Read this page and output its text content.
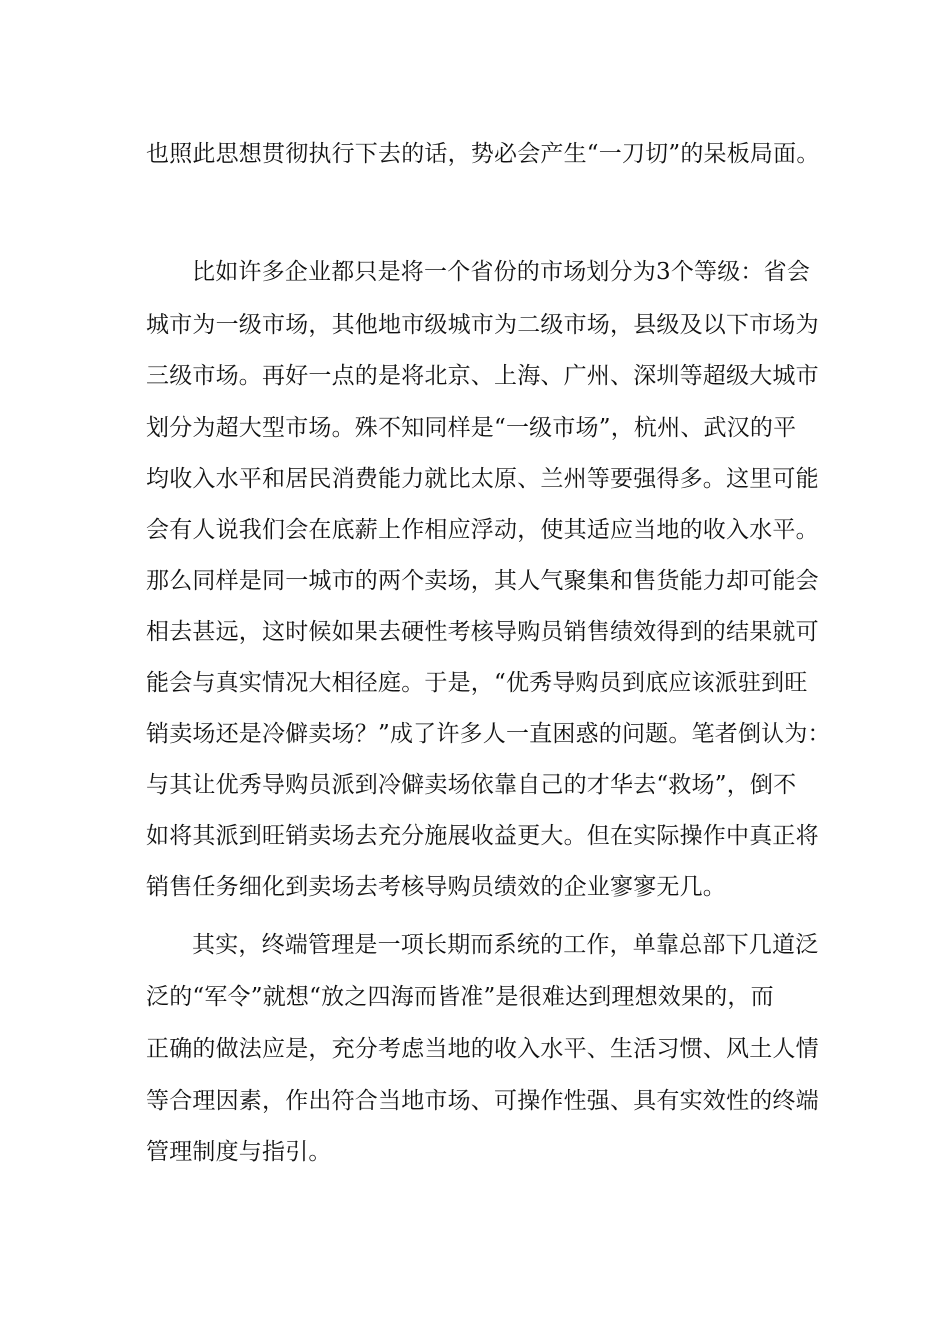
也照此思想贯彻执行下去的话，势必会产生“一刀切”的呆板局面。
比如许多企业都只是将一个省份的市场划分为3个等级：省会
城市为一级市场，其他地市级城市为二级市场，县级及以下市场为
三级市场。再好一点的是将北京、上海、广州、深圳等超级大城市
划分为超大型市场。殊不知同样是“一级市场”，杭州、武汉的平
均收入水平和居民消费能力就比太原、兰州等要强得多。这里可能
会有人说我们会在底薪上作相应浮动，使其适应当地的收入水平。
那么同样是同一城市的两个卖场，其人气聚集和售货能力却可能会
相去甚远，这时候如果去硬性考核导购员销售绩效得到的结果就可
能会与真实情况大相径庭。于是，“优秀导购员到底应该派驻到旺
销卖场还是冷僻卖场？”成了许多人一直困惑的问题。笔者倒认为：
与其让优秀导购员派到冷僻卖场依靠自己的才华去“救场”，倒不
如将其派到旺销卖场去充分施展收益更大。但在实际操作中真正将
销售任务细化到卖场去考核导购员绩效的企业寥寥无几。
其实，终端管理是一项长期而系统的工作，单靠总部下几道泛
泛的“军令”就想“放之四海而皆准”是很难达到理想效果的，而
正确的做法应是，充分考虑当地的收入水平、生活习惯、风土人情
等合理因素，作出符合当地市场、可操作性强、具有实效性的终端
管理制度与指引。
